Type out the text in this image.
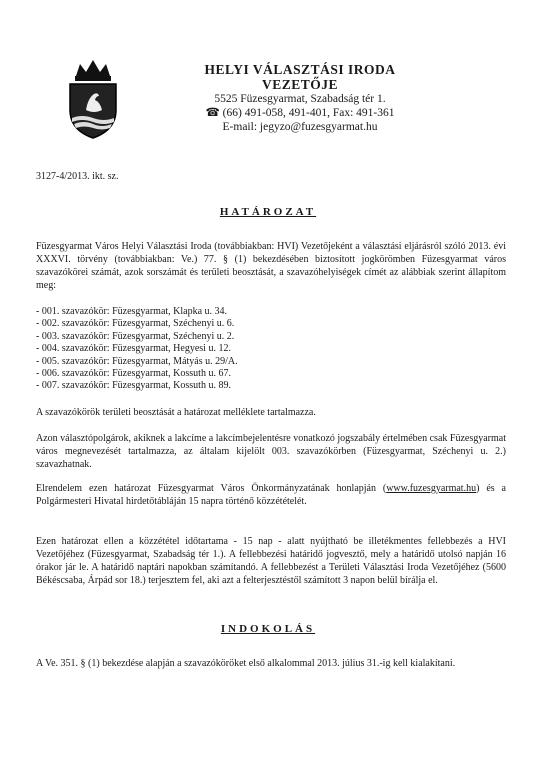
HELYI VÁLASZTÁSI IRODA
VEZETŐJE
5525 Füzesgyarmat, Szabadság tér 1.
☎ (66) 491-058, 491-401, Fax: 491-361
E-mail: jegyzo@fuzesgyarmat.hu
3127-4/2013. ikt. sz.
HATÁROZAT
Füzesgyarmat Város Helyi Választási Iroda (továbbiakban: HVI) Vezetőjeként a választási eljárásról szóló 2013. évi XXXVI. törvény (továbbiakban: Ve.) 77. § (1) bekezdésében biztosított jogkörömben Füzesgyarmat város szavazókörei számát, azok sorszámát és területi beosztását, a szavazóhelyiségek címét az alábbiak szerint állapítom meg:
- 001. szavazókör: Füzesgyarmat, Klapka u. 34.
- 002. szavazókör: Füzesgyarmat, Széchenyi u. 6.
- 003. szavazókör: Füzesgyarmat, Széchenyi u. 2.
- 004. szavazókör: Füzesgyarmat, Hegyesi u. 12.
- 005. szavazókör: Füzesgyarmat, Mátyás u. 29/A.
- 006. szavazókör: Füzesgyarmat, Kossuth u. 67.
- 007. szavazókör: Füzesgyarmat, Kossuth u. 89.
A szavazókörök területi beosztását a határozat melléklete tartalmazza.
Azon választópolgárok, akiknek a lakcíme a lakcímbejelentésre vonatkozó jogszabály értelmében csak Füzesgyarmat város megnevezését tartalmazza, az általam kijelölt 003. szavazókörben (Füzesgyarmat, Széchenyi u. 2.) szavazhatnak.
Elrendelem ezen határozat Füzesgyarmat Város Önkormányzatának honlapján (www.fuzesgyarmat.hu) és a Polgármesteri Hivatal hirdetőtábláján 15 napra történő közzétételét.
Ezen határozat ellen a közzététel időtartama - 15 nap - alatt nyújtható be illetékmentes fellebbezés a HVI Vezetőjéhez (Füzesgyarmat, Szabadság tér 1.). A fellebbezési határidő jogvesztő, mely a határidő utolsó napján 16 órakor jár le. A határidő naptári napokban számítandó. A fellebbezést a Területi Választási Iroda Vezetőjéhez (5600 Békéscsaba, Árpád sor 18.) terjesztem fel, aki azt a felterjesztéstől számított 3 napon belül bírálja el.
INDOKOLÁS
A Ve. 351. § (1) bekezdése alapján a szavazóköröket első alkalommal 2013. július 31.-ig kell kialakítani.
